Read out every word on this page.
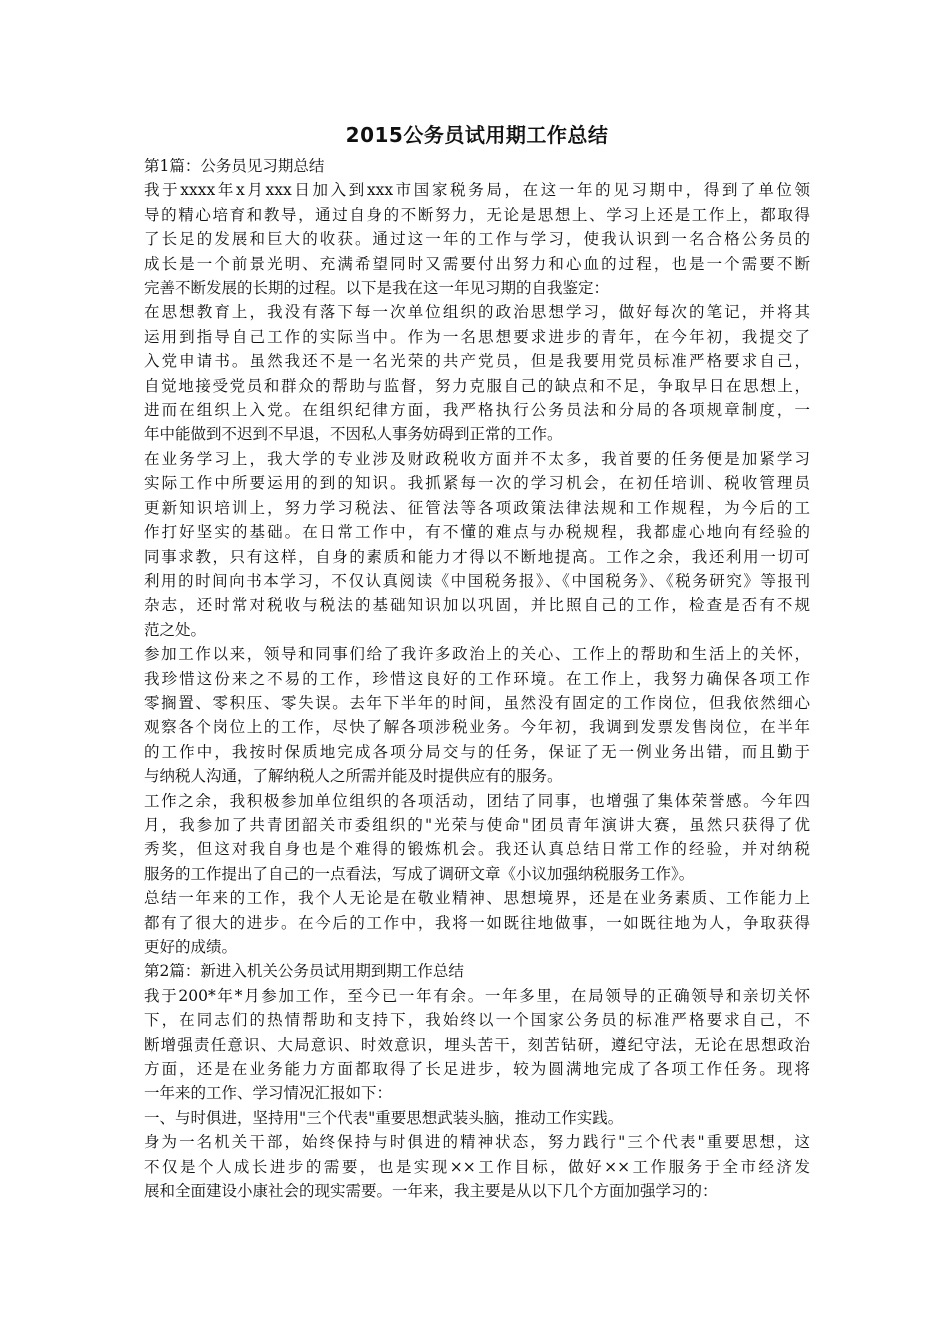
2015公务员试用期工作总结
第1篇：公务员见习期总结
我于xxxx年x月xxx日加入到xxx市国家税务局，在这一年的见习期中，得到了单位领
导的精心培育和教导，通过自身的不断努力，无论是思想上、学习上还是工作上，都取得
了长足的发展和巨大的收获。通过这一年的工作与学习，使我认识到一名合格公务员的
成长是一个前景光明、充满希望同时又需要付出努力和心血的过程，也是一个需要不断
完善不断发展的长期的过程。以下是我在这一年见习期的自我鉴定：
在思想教育上，我没有落下每一次单位组织的政治思想学习，做好每次的笔记，并将其
运用到指导自己工作的实际当中。作为一名思想要求进步的青年，在今年初，我提交了
入党申请书。虽然我还不是一名光荣的共产党员，但是我要用党员标准严格要求自己，
自觉地接受党员和群众的帮助与监督，努力克服自己的缺点和不足，争取早日在思想上，
进而在组织上入党。在组织纪律方面，我严格执行公务员法和分局的各项规章制度，一
年中能做到不迟到不早退，不因私人事务妨碍到正常的工作。
在业务学习上，我大学的专业涉及财政税收方面并不太多，我首要的任务便是加紧学习
实际工作中所要运用的到的知识。我抓紧每一次的学习机会，在初任培训、税收管理员
更新知识培训上，努力学习税法、征管法等各项政策法律法规和工作规程，为今后的工
作打好坚实的基础。在日常工作中，有不懂的难点与办税规程，我都虚心地向有经验的
同事求教，只有这样，自身的素质和能力才得以不断地提高。工作之余，我还利用一切可
利用的时间向书本学习，不仅认真阅读《中国税务报》、《中国税务》、《税务研究》等报刊
杂志，还时常对税收与税法的基础知识加以巩固，并比照自己的工作，检查是否有不规
范之处。
参加工作以来，领导和同事们给了我许多政治上的关心、工作上的帮助和生活上的关怀，
我珍惜这份来之不易的工作，珍惜这良好的工作环境。在工作上，我努力确保各项工作
零搁置、零积压、零失误。去年下半年的时间，虽然没有固定的工作岗位，但我依然细心
观察各个岗位上的工作，尽快了解各项涉税业务。今年初，我调到发票发售岗位，在半年
的工作中，我按时保质地完成各项分局交与的任务，保证了无一例业务出错，而且勤于
与纳税人沟通，了解纳税人之所需并能及时提供应有的服务。
工作之余，我积极参加单位组织的各项活动，团结了同事，也增强了集体荣誉感。今年四
月，我参加了共青团韶关市委组织的"光荣与使命"团员青年演讲大赛，虽然只获得了优
秀奖，但这对我自身也是个难得的锻炼机会。我还认真总结日常工作的经验，并对纳税
服务的工作提出了自己的一点看法，写成了调研文章《小议加强纳税服务工作》。
总结一年来的工作，我个人无论是在敬业精神、思想境界，还是在业务素质、工作能力上
都有了很大的进步。在今后的工作中，我将一如既往地做事，一如既往地为人，争取获得
更好的成绩。
第2篇：新进入机关公务员试用期到期工作总结
我于200*年*月参加工作，至今已一年有余。一年多里，在局领导的正确领导和亲切关怀
下，在同志们的热情帮助和支持下，我始终以一个国家公务员的标准严格要求自己，不
断增强责任意识、大局意识、时效意识，埋头苦干，刻苦钻研，遵纪守法，无论在思想政治
方面，还是在业务能力方面都取得了长足进步，较为圆满地完成了各项工作任务。现将
一年来的工作、学习情况汇报如下：
一、与时俱进，坚持用"三个代表"重要思想武装头脑，推动工作实践。
身为一名机关干部，始终保持与时俱进的精神状态，努力践行"三个代表"重要思想，这
不仅是个人成长进步的需要，也是实现××工作目标，做好××工作服务于全市经济发
展和全面建设小康社会的现实需要。一年来，我主要是从以下几个方面加强学习的：
